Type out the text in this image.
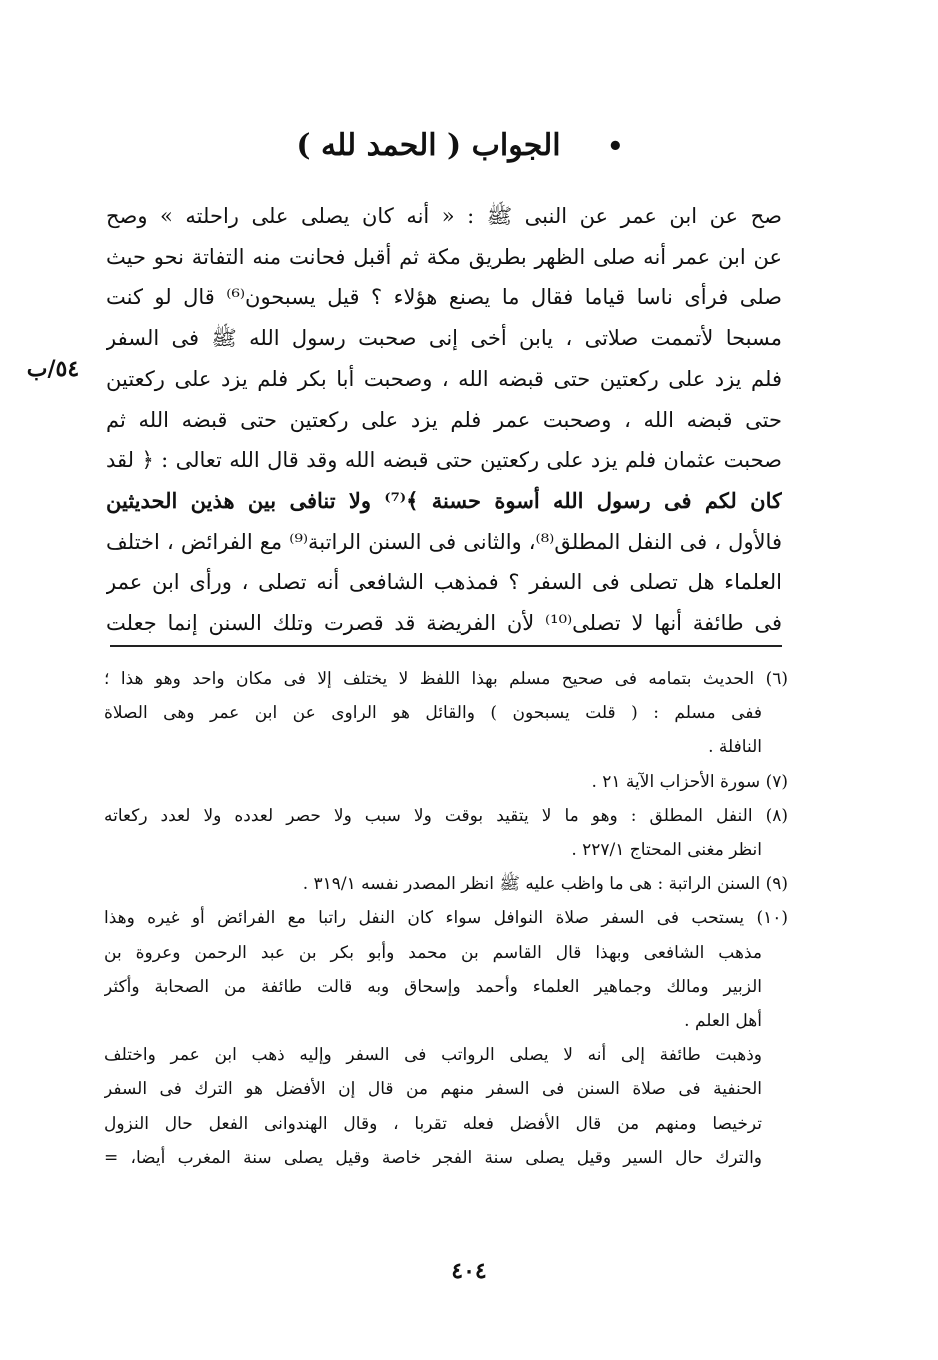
• الجواب ( الحمد لله )
٥٤/ب
صح عن ابن عمر عن النبى ﷺ : « أنه كان يصلى على راحلته » وصح
عن ابن عمر أنه صلى الظهر بطريق مكة ثم أقبل فحانت منه التفاتة نحو حيث
صلى فرأى ناسا قياما فقال ما يصنع هؤلاء ؟ قيل يسبحون⁽⁶⁾ قال لو كنت
مسبحا لأتممت صلاتى ، يابن أخى إنى صحبت رسول الله ﷺ فى السفر
فلم يزد على ركعتين حتى قبضه الله ، وصحبت أبا بكر فلم يزد على ركعتين
حتى قبضه الله ، وصحبت عمر فلم يزد على ركعتين حتى قبضه الله ثم
صحبت عثمان فلم يزد على ركعتين حتى قبضه الله وقد قال الله تعالى : ﴿ لقد
كان لكم فى رسول الله أسوة حسنة ﴾⁽⁷⁾ ولا تنافى بين هذين الحديثين
فالأول ، فى النفل المطلق⁽⁸⁾، والثانى فى السنن الراتبة⁽⁹⁾ مع الفرائض ، اختلف
العلماء هل تصلى فى السفر ؟ فمذهب الشافعى أنه تصلى ، ورأى ابن عمر
فى طائفة أنها لا تصلى⁽¹⁰⁾ لأن الفريضة قد قصرت وتلك السنن إنما جعلت
(٦) الحديث بتمامه فى صحيح مسلم بهذا اللفظ لا يختلف إلا فى مكان واحد وهو هذا ؛
ففى مسلم : ( قلت يسبحون ) والقائل هو الراوى عن ابن عمر وهى الصلاة
النافلة .
(٧) سورة الأحزاب الآية ٢١ .
(٨) النفل المطلق : وهو ما لا يتقيد بوقت ولا سبب ولا حصر لعدده ولا لعدد ركعاته
انظر مغنى المحتاج ٢٢٧/١ .
(٩) السنن الراتبة : هى ما واظب عليه ﷺ انظر المصدر نفسه ٣١٩/١ .
(١٠) يستحب فى السفر صلاة النوافل سواء كان النفل راتبا مع الفرائض أو غيره وهذا
مذهب الشافعى وبهذا قال القاسم بن محمد وأبو بكر بن عبد الرحمن وعروة بن
الزبير ومالك وجماهير العلماء وأحمد وإسحاق وبه قالت طائفة من الصحابة وأكثر
أهل العلم .
وذهبت طائفة إلى أنه لا يصلى الرواتب فى السفر وإليه ذهب ابن عمر واختلف
الحنفية فى صلاة السنن فى السفر منهم من قال إن الأفضل هو الترك فى السفر
ترخيصا ومنهم من قال الأفضل فعله تقربا ، وقال الهندوانى الفعل حال النزول
والترك حال السير وقيل يصلى سنة الفجر خاصة وقيل يصلى سنة المغرب أيضا، =
٤٠٤
